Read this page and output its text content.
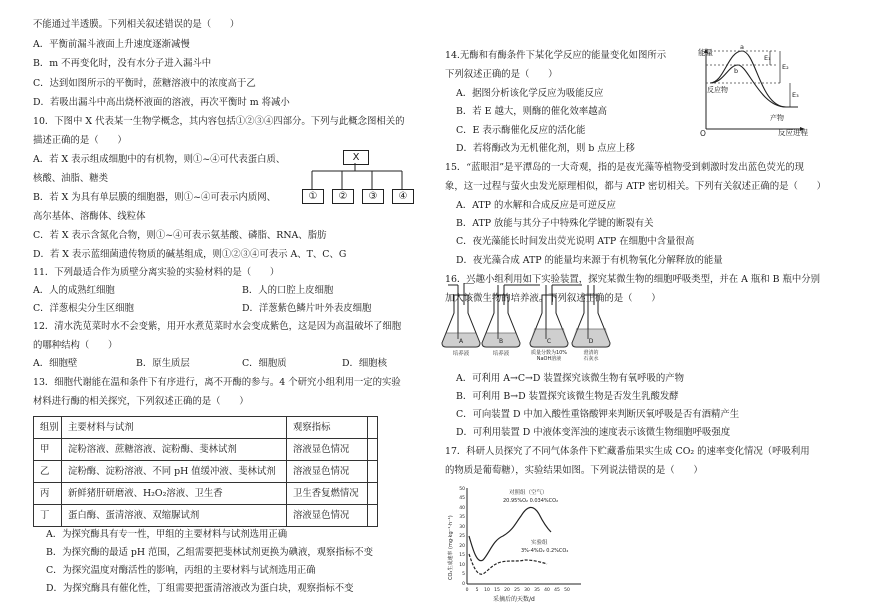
不能通过半透膜。下列相关叙述错误的是（　　）
A．平衡前漏斗液面上升速度逐渐减慢
B．m 不再变化时，没有水分子进入漏斗中
C．达到如图所示的平衡时，蔗糖溶液中的浓度高于乙
D．若吸出漏斗中高出烧杯液面的溶液，再次平衡时 m 将减小
10．下图中 X 代表某一生物学概念，其内容包括①②③④四部分。下列与此概念图相关的
描述正确的是（　　）
A．若 X 表示组成细胞中的有机物，则①~④可代表蛋白质、
核酸、油脂、糖类
B．若 X 为具有单层膜的细胞器，则①~④可表示内质网、
高尔基体、溶酶体、线粒体
C．若 X 表示含氮化合物，则①~④可表示氨基酸、磷脂、RNA、脂肪
D．若 X 表示蓝细菌遗传物质的碱基组成，则①②③④可表示 A、T、C、G
11．下列最适合作为质壁分离实验的实验材料的是（　　）
A．人的成熟红细胞	B．人的口腔上皮细胞
C．洋葱根尖分生区细胞	D．洋葱紫色鳞片叶外表皮细胞
12．清水洗苋菜时水不会变紫，用开水煮苋菜时水会变成紫色，这是因为高温破坏了细胞
的哪种结构（　　）
A．细胞壁	B．原生质层	C．细胞质	D．细胞核
13．细胞代谢能在温和条件下有序进行，离不开酶的参与。4 个研究小组利用一定的实验
材料进行酶的相关探究，下列叙述正确的是（　　）
X
①	②	③	④
组别	主要材料与试剂	观察指标	
甲	淀粉溶液、蔗糖溶液、淀粉酶、斐林试剂	溶液显色情况	
乙	淀粉酶、淀粉溶液、不同 pH 值缓冲液、斐林试剂	溶液显色情况	
丙	新鲜猪肝研磨液、H₂O₂溶液、卫生香	卫生香复燃情况	
丁	蛋白酶、蛋清溶液、双缩脲试剂	溶液显色情况	
A．为探究酶具有专一性，甲组的主要材料与试剂选用正确
B．为探究酶的最适 pH 范围，乙组需要把斐林试剂更换为碘液，观察指标不变
C．为探究温度对酶活性的影响，丙组的主要材料与试剂选用正确
D．为探究酶具有催化性，丁组需要把蛋清溶液改为蛋白块，观察指标不变
14.无酶和有酶条件下某化学反应的能量变化如图所示
下列叙述正确的是（　　）
A．据图分析该化学反应为吸能反应
B．若 E 越大，则酶的催化效率越高
C．E 表示酶催化反应的活化能
D．若将酶改为无机催化剂，则 b 点应上移
15．“蓝眼泪”是平潭岛的一大奇观，指的是夜光藻等植物受到刺激时发出蓝色荧光的现
象，这一过程与萤火虫发光原理相似，都与 ATP 密切相关。下列有关叙述正确的是（　　）
A．ATP 的水解和合成反应是可逆反应
B．ATP 放能与其分子中特殊化学键的断裂有关
C．夜光藻能长时间发出荧光说明 ATP 在细胞中含量很高
D．夜光藻合成 ATP 的能量均来源于有机物氧化分解释放的能量
16．兴趣小组利用如下实验装置，探究某微生物的细胞呼吸类型，并在 A 瓶和 B 瓶中分别
加入该微生物的培养液。下列叙述正确的是（　　）
A．可利用 A→C→D 装置探究该微生物有氧呼吸的产物
B．可利用 B→D 装置探究该微生物是否发生乳酸发酵
C．可向装置 D 中加入酸性重铬酸钾来判断厌氧呼吸是否有酒精产生
D．可利用装置 D 中液体变浑浊的速度表示该微生物细胞呼吸强度
17．科研人员探究了不同气体条件下贮藏番茄果实生成 CO₂ 的速率变化情况（呼吸利用
的物质是葡萄糖），实验结果如图。下列说法错误的是（　　）
能量
O	反应进程
E₁
E₂
E₃
a
b
反应物
产物
A	B	C	D
培养液	培养液	质量分数为10% NaOH溶液
澄清的石灰水
50
45
40
35
30
25
20
15
10
5
0
0 5 10 15 20 25 30 35 40 45 50
采摘后的天数/d
CO₂生成速率 (mg·kg⁻¹·h⁻¹)
对照组（空气）
20.95%O₂ 0.034%CO₂
实验组
3%-4%O₂ 0.2%CO₂
